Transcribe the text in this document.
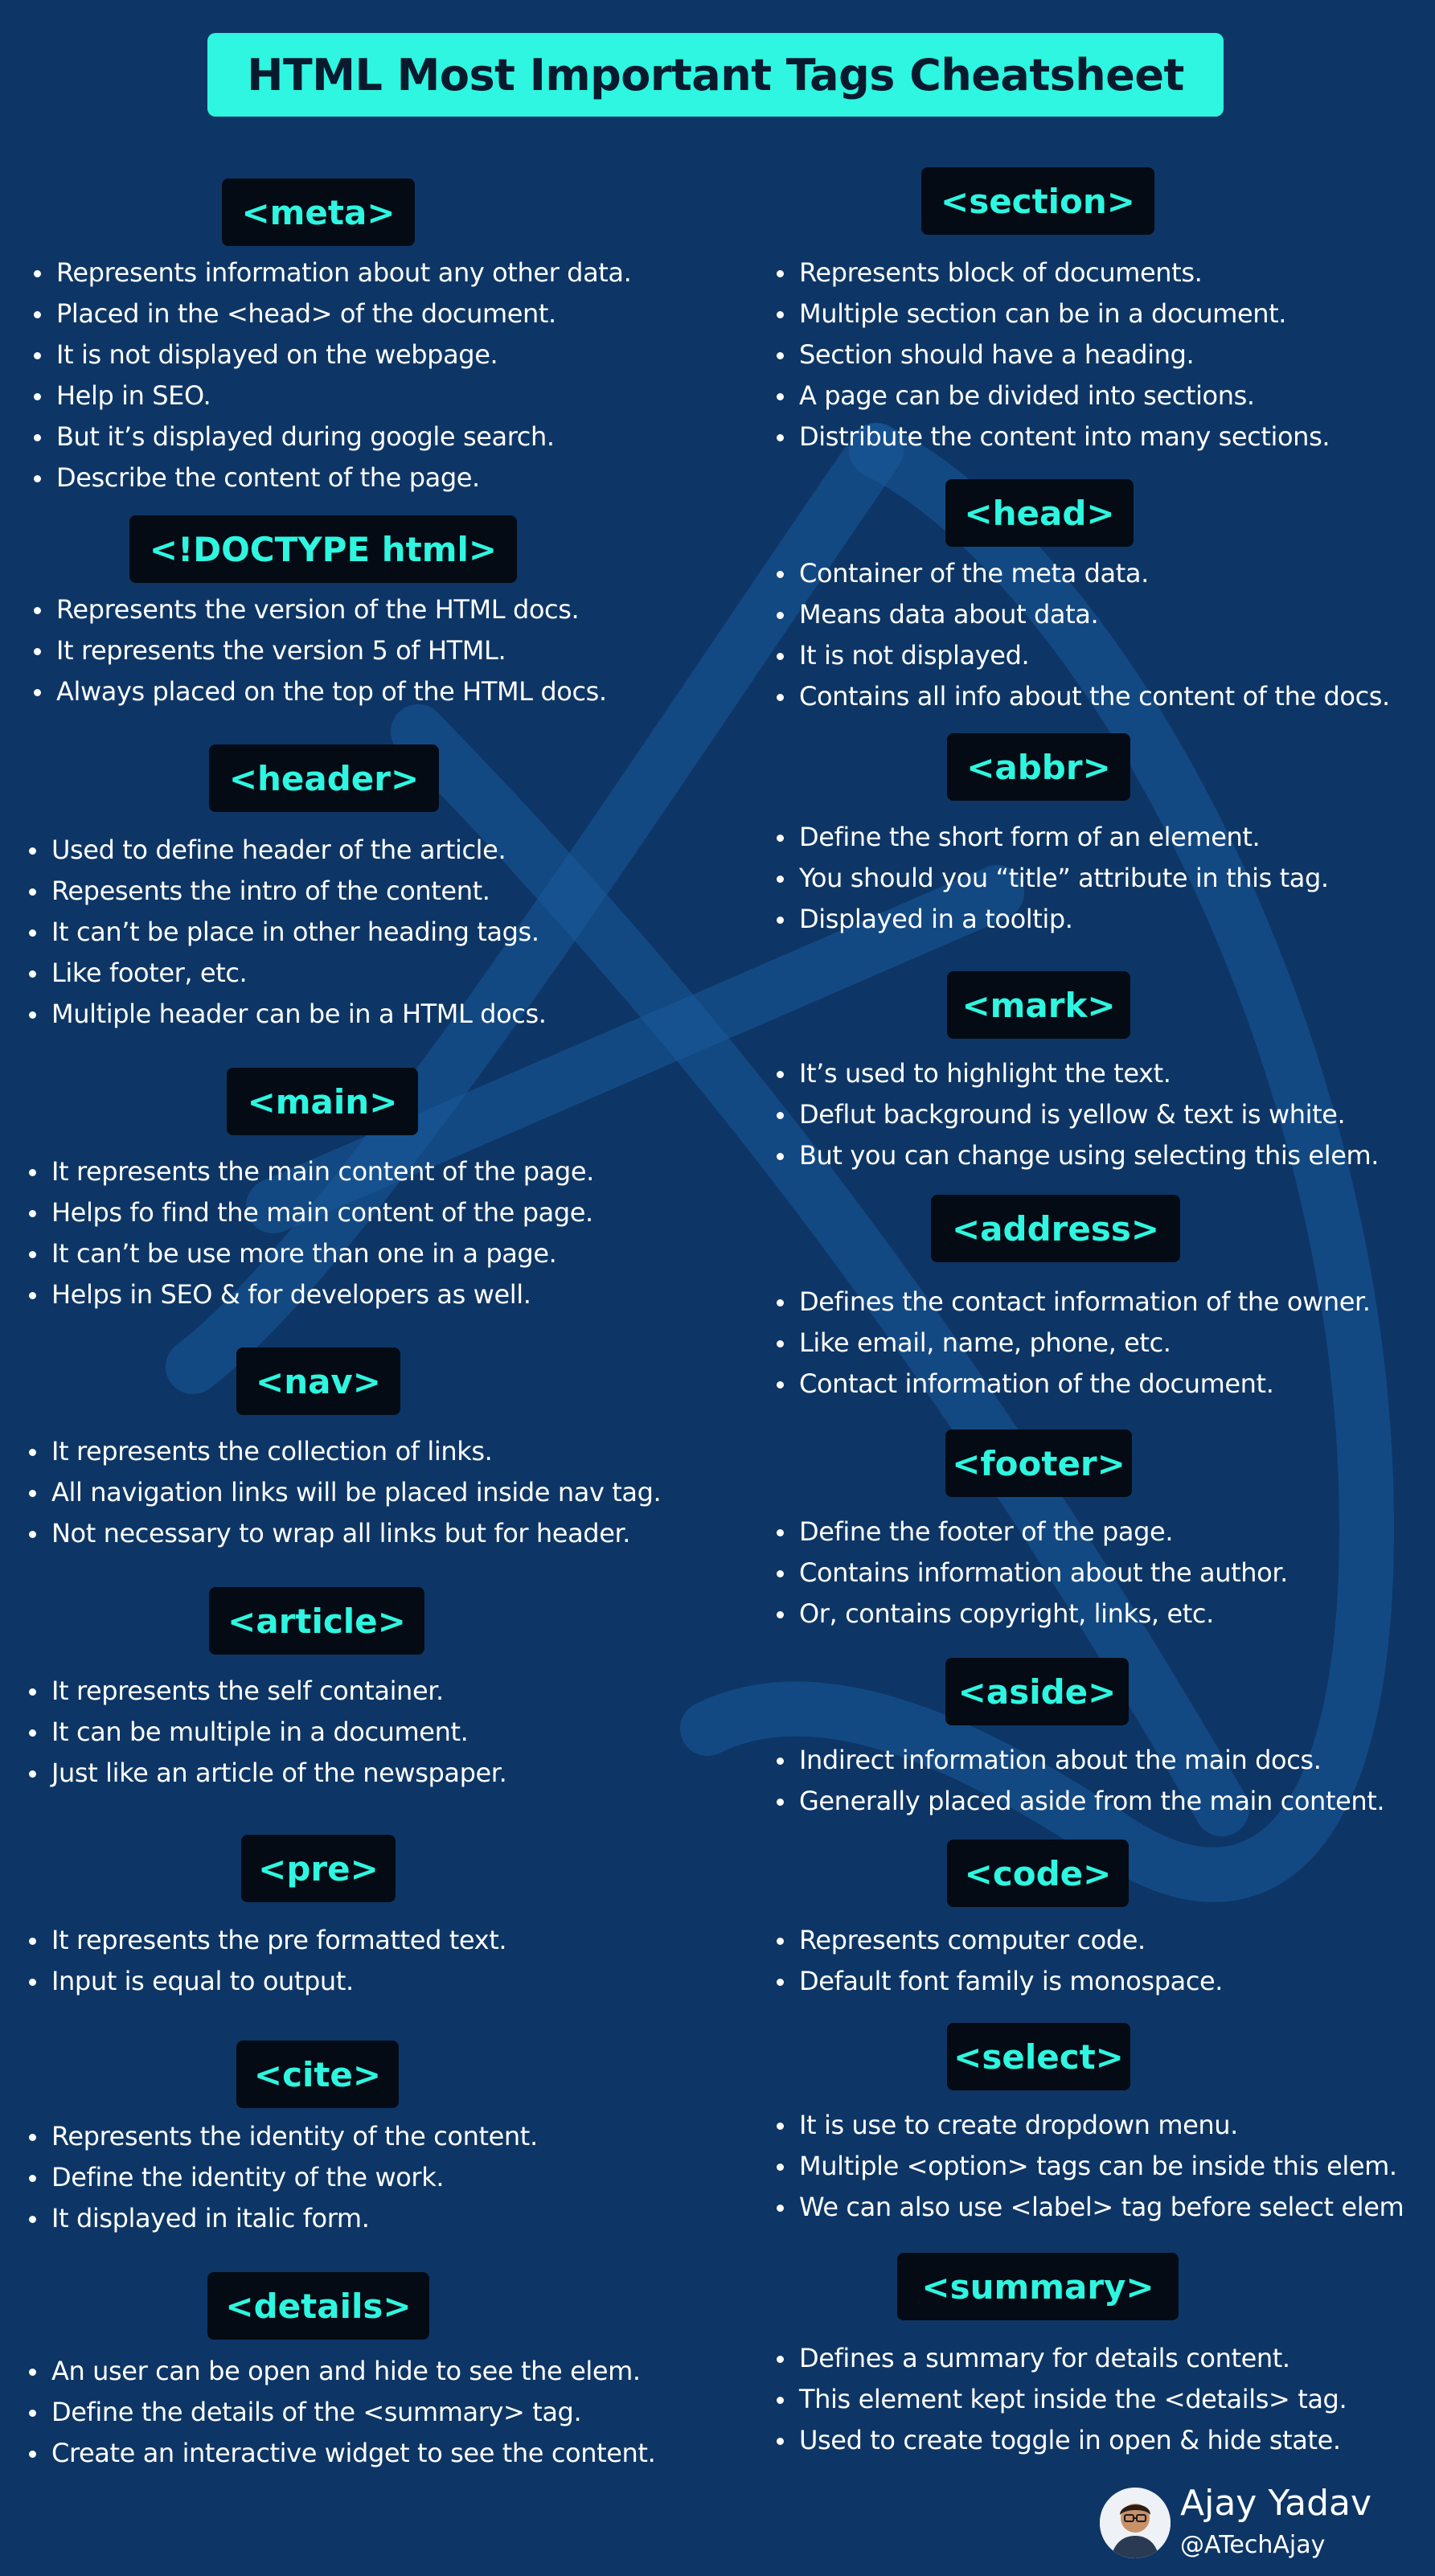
HTML Most Important Tags Cheatsheet
<meta>
Represents information about any other data.
Placed in the <head> of the document.
It is not displayed on the webpage.
Help in SEO.
But it’s displayed during google search.
Describe the content of the page.
<!DOCTYPE html>
Represents the version of the HTML docs.
It represents the version 5 of HTML.
Always placed on the top of the HTML docs.
<header>
Used to define header of the article.
Repesents the intro of the content.
It can’t be place in other heading tags.
Like footer, etc.
Multiple header can be in a HTML docs.
<main>
It represents the main content of the page.
Helps fo find the main content of the page.
It can’t be use more than one in a page.
Helps in SEO & for developers as well.
<nav>
It represents the collection of links.
All navigation links will be placed inside nav tag.
Not necessary to wrap all links but for header.
<article>
It represents the self container.
It can be multiple in a document.
Just like an article of the newspaper.
<pre>
It represents the pre formatted text.
Input is equal to output.
<cite>
Represents the identity of the content.
Define the identity of the work.
It displayed in italic form.
<details>
An user can be open and hide to see the elem.
Define the details of the <summary> tag.
Create an interactive widget to see the content.
<section>
Represents block of documents.
Multiple section can be in a document.
Section should have a heading.
A page can be divided into sections.
Distribute the content into many sections.
<head>
Container of the meta data.
Means data about data.
It is not displayed.
Contains all info about the content of the docs.
<abbr>
Define the short form of an element.
You should you “title” attribute in this tag.
Displayed in a tooltip.
<mark>
It’s used to highlight the text.
Deflut background is yellow & text is white.
But you can change using selecting this elem.
<address>
Defines the contact information of the owner.
Like email, name, phone, etc.
Contact information of the document.
<footer>
Define the footer of the page.
Contains information about the author.
Or, contains copyright, links, etc.
<aside>
Indirect information about the main docs.
Generally placed aside from the main content.
<code>
Represents computer code.
Default font family is monospace.
<select>
It is use to create dropdown menu.
Multiple <option> tags can be inside this elem.
We can also use <label> tag before select elem
<summary>
Defines a summary for details content.
This element kept inside the <details> tag.
Used to create toggle in open & hide state.
Ajay Yadav
@ATechAjay
